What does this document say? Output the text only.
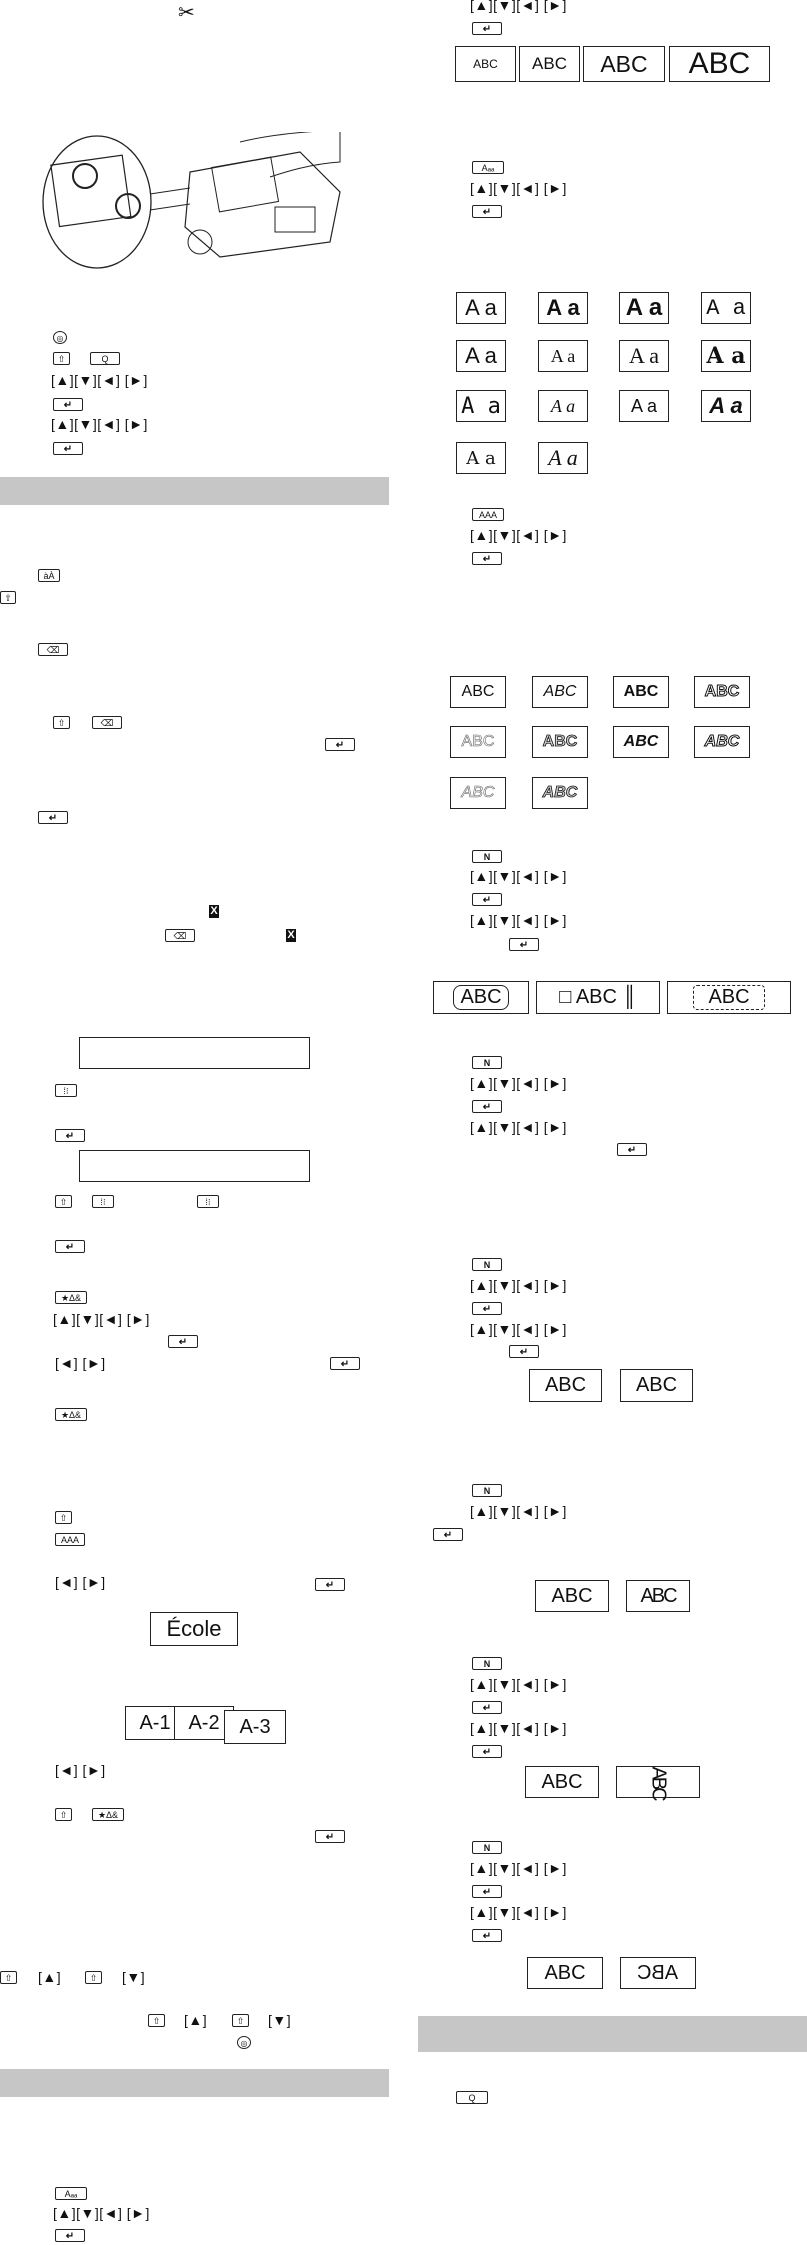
✂
◎
⇧	Q
[▲][▼][◄] [►]
↵
[▲][▼][◄] [►]
↵
àÀ
⇧
⌫
⇧	⌫
↵
↵
X
⌫	X
⁞⁝
↵
⇧	⁞⁝	⁞⁝
↵
★Δ&
[▲][▼][◄] [►]
↵
[◄] [►]
↵
★Δ&
⇧
AAA
[◄] [►]
↵
École
A-1 A-2 A-3
[◄] [►]
⇧	★Δ&
↵
⇧	[▲]	⇧	[▼]
⇧	[▲]	⇧	[▼]
◎
Aₐₐ
[▲][▼][◄] [►]
↵
[▲][▼][◄] [►]
↵
ABC	ABC	ABC	ABC
Aₐₐ
[▲][▼][◄] [►]
↵
A a	A a	A a	A a
A a	A a	A a	A a
A a	A a	A a	A a
A a	A a
AAA
[▲][▼][◄] [►]
↵
ABC	ABC	ABC	ABC
ABC	ABC	ABC	ABC
ABC	ABC
N
[▲][▼][◄] [►]
↵
[▲][▼][◄] [►]
↵
ABC	□ ABC ║	ABC
N
[▲][▼][◄] [►]
↵
[▲][▼][◄] [►]
↵
N
[▲][▼][◄] [►]
↵
[▲][▼][◄] [►]
↵
ABC	ABC
N
[▲][▼][◄] [►]
↵
ABC	ABC
N
[▲][▼][◄] [►]
↵
[▲][▼][◄] [►]
↵
ABC	ABC
N
[▲][▼][◄] [►]
↵
[▲][▼][◄] [►]
↵
ABC	ABC
Q
